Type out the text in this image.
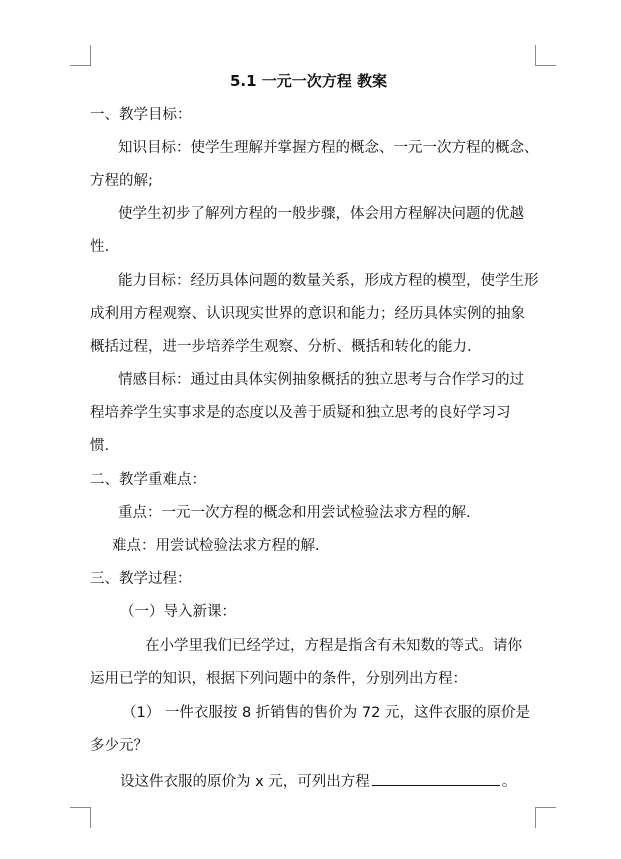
5.1 一元一次方程 教案
一、教学目标：
知识目标：使学生理解并掌握方程的概念、一元一次方程的概念、
方程的解;
使学生初步了解列方程的一般步骤，体会用方程解决问题的优越
性.
能力目标：经历具体问题的数量关系，形成方程的模型，使学生形
成利用方程观察、认识现实世界的意识和能力；经历具体实例的抽象
概括过程，进一步培养学生观察、分析、概括和转化的能力.
情感目标：通过由具体实例抽象概括的独立思考与合作学习的过
程培养学生实事求是的态度以及善于质疑和独立思考的良好学习习
惯.
二、教学重难点：
重点：一元一次方程的概念和用尝试检验法求方程的解.
难点：用尝试检验法求方程的解.
三、教学过程：
（一）导入新课：
在小学里我们已经学过，方程是指含有未知数的等式。请你
运用已学的知识，根据下列问题中的条件，分别列出方程：
（1） 一件衣服按 8 折销售的售价为 72 元，这件衣服的原价是
多少元？
设这件衣服的原价为 x 元，可列出方程	。
